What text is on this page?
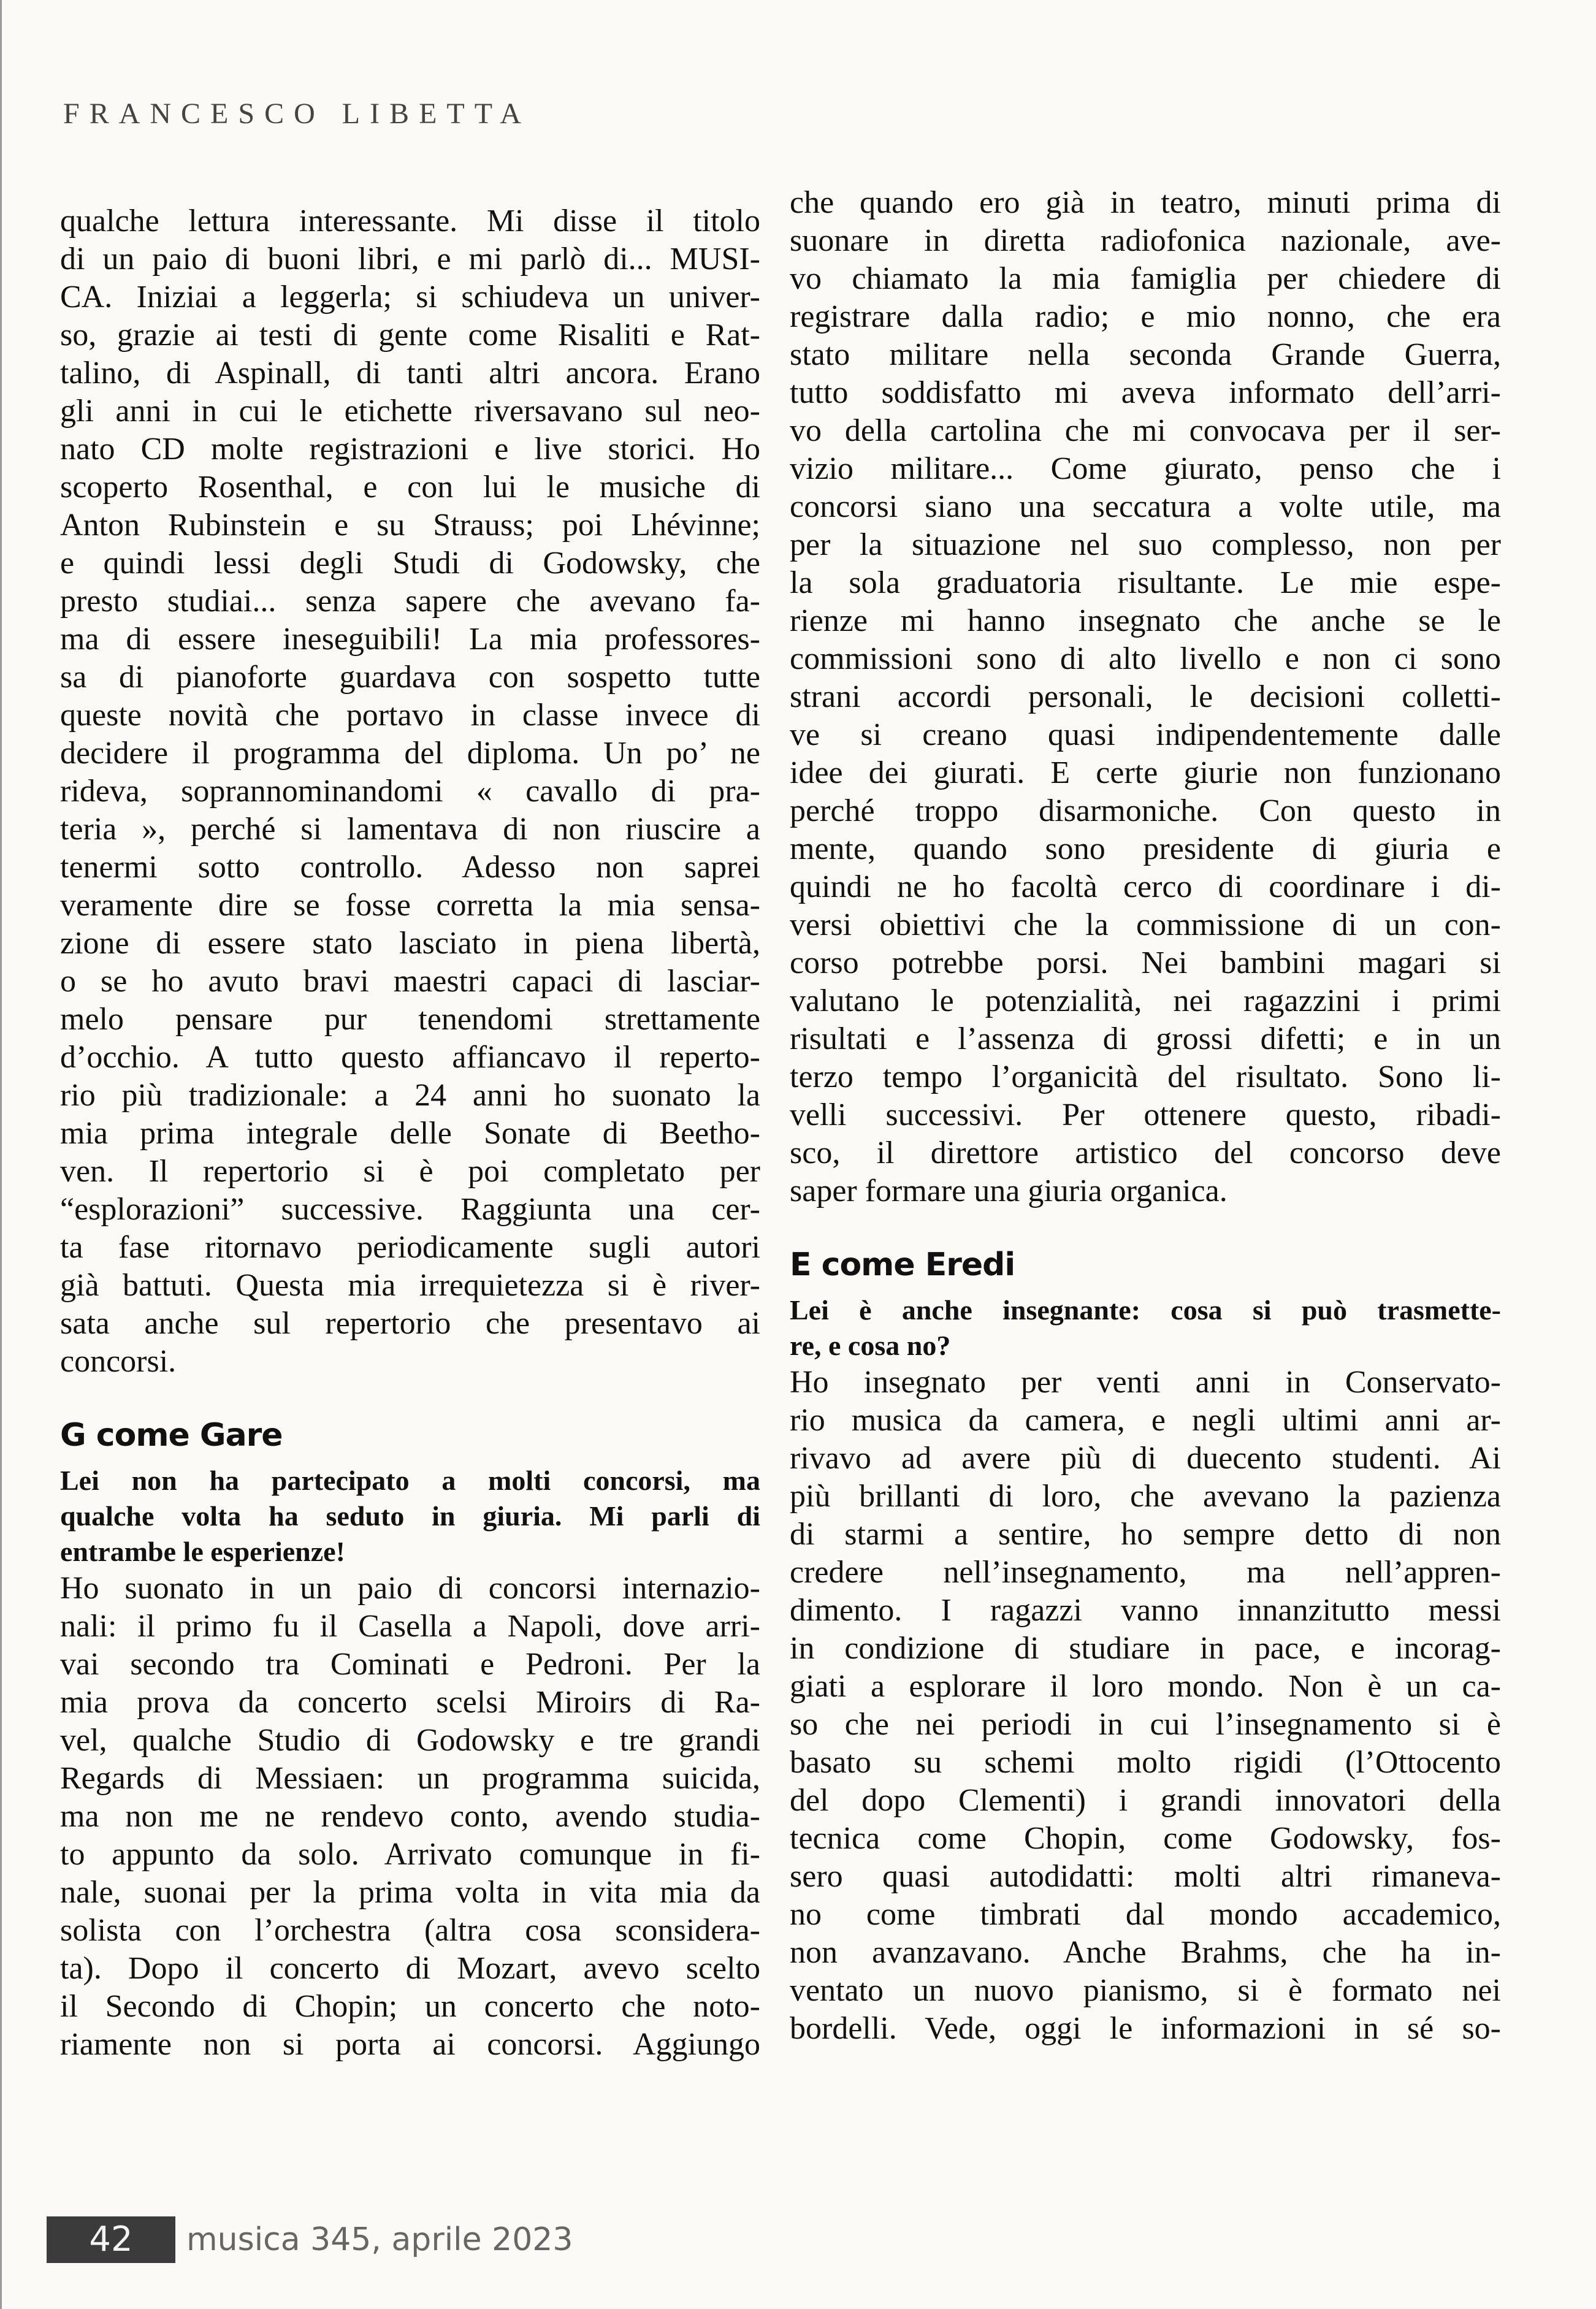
FRANCESCO LIBETTA
qualche lettura interessante. Mi disse il titolo
di un paio di buoni libri, e mi parlò di... MUSI-
CA. Iniziai a leggerla; si schiudeva un univer-
so, grazie ai testi di gente come Risaliti e Rat-
talino, di Aspinall, di tanti altri ancora. Erano
gli anni in cui le etichette riversavano sul neo-
nato CD molte registrazioni e live storici. Ho
scoperto Rosenthal, e con lui le musiche di
Anton Rubinstein e su Strauss; poi Lhévinne;
e quindi lessi degli Studi di Godowsky, che
presto studiai... senza sapere che avevano fa-
ma di essere ineseguibili! La mia professores-
sa di pianoforte guardava con sospetto tutte
queste novità che portavo in classe invece di
decidere il programma del diploma. Un po’ ne
rideva, soprannominandomi « cavallo di pra-
teria », perché si lamentava di non riuscire a
tenermi sotto controllo. Adesso non saprei
veramente dire se fosse corretta la mia sensa-
zione di essere stato lasciato in piena libertà,
o se ho avuto bravi maestri capaci di lasciar-
melo pensare pur tenendomi strettamente
d’occhio. A tutto questo affiancavo il reperto-
rio più tradizionale: a 24 anni ho suonato la
mia prima integrale delle Sonate di Beetho-
ven. Il repertorio si è poi completato per
“esplorazioni” successive. Raggiunta una cer-
ta fase ritornavo periodicamente sugli autori
già battuti. Questa mia irrequietezza si è river-
sata anche sul repertorio che presentavo ai
concorsi.
G come Gare
Lei non ha partecipato a molti concorsi, ma
qualche volta ha seduto in giuria. Mi parli di
entrambe le esperienze!
Ho suonato in un paio di concorsi internazio-
nali: il primo fu il Casella a Napoli, dove arri-
vai secondo tra Cominati e Pedroni. Per la
mia prova da concerto scelsi Miroirs di Ra-
vel, qualche Studio di Godowsky e tre grandi
Regards di Messiaen: un programma suicida,
ma non me ne rendevo conto, avendo studia-
to appunto da solo. Arrivato comunque in fi-
nale, suonai per la prima volta in vita mia da
solista con l’orchestra (altra cosa sconsidera-
ta). Dopo il concerto di Mozart, avevo scelto
il Secondo di Chopin; un concerto che noto-
riamente non si porta ai concorsi. Aggiungo
che quando ero già in teatro, minuti prima di
suonare in diretta radiofonica nazionale, ave-
vo chiamato la mia famiglia per chiedere di
registrare dalla radio; e mio nonno, che era
stato militare nella seconda Grande Guerra,
tutto soddisfatto mi aveva informato dell’arri-
vo della cartolina che mi convocava per il ser-
vizio militare... Come giurato, penso che i
concorsi siano una seccatura a volte utile, ma
per la situazione nel suo complesso, non per
la sola graduatoria risultante. Le mie espe-
rienze mi hanno insegnato che anche se le
commissioni sono di alto livello e non ci sono
strani accordi personali, le decisioni colletti-
ve si creano quasi indipendentemente dalle
idee dei giurati. E certe giurie non funzionano
perché troppo disarmoniche. Con questo in
mente, quando sono presidente di giuria e
quindi ne ho facoltà cerco di coordinare i di-
versi obiettivi che la commissione di un con-
corso potrebbe porsi. Nei bambini magari si
valutano le potenzialità, nei ragazzini i primi
risultati e l’assenza di grossi difetti; e in un
terzo tempo l’organicità del risultato. Sono li-
velli successivi. Per ottenere questo, ribadi-
sco, il direttore artistico del concorso deve
saper formare una giuria organica.
E come Eredi
Lei è anche insegnante: cosa si può trasmette-
re, e cosa no?
Ho insegnato per venti anni in Conservato-
rio musica da camera, e negli ultimi anni ar-
rivavo ad avere più di duecento studenti. Ai
più brillanti di loro, che avevano la pazienza
di starmi a sentire, ho sempre detto di non
credere nell’insegnamento, ma nell’appren-
dimento. I ragazzi vanno innanzitutto messi
in condizione di studiare in pace, e incorag-
giati a esplorare il loro mondo. Non è un ca-
so che nei periodi in cui l’insegnamento si è
basato su schemi molto rigidi (l’Ottocento
del dopo Clementi) i grandi innovatori della
tecnica come Chopin, come Godowsky, fos-
sero quasi autodidatti: molti altri rimaneva-
no come timbrati dal mondo accademico,
non avanzavano. Anche Brahms, che ha in-
ventato un nuovo pianismo, si è formato nei
bordelli. Vede, oggi le informazioni in sé so-
42	musica 345, aprile 2023
